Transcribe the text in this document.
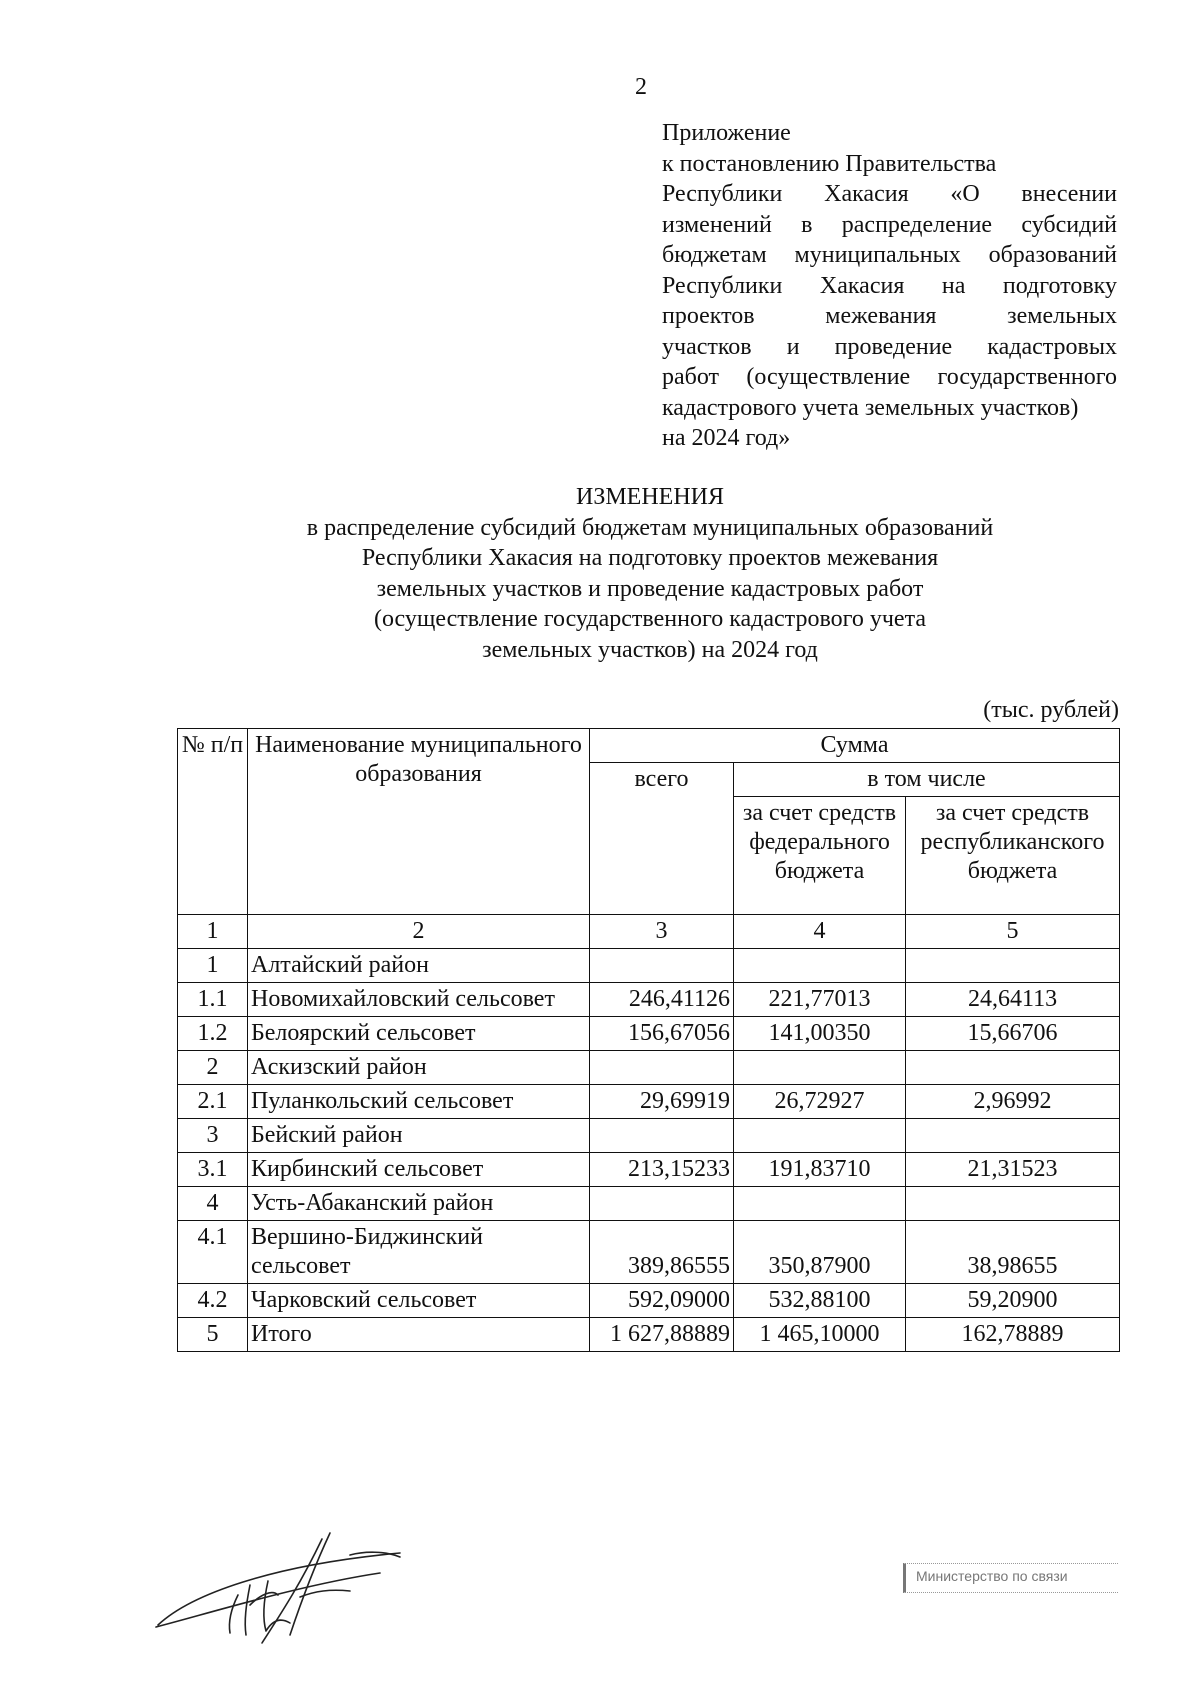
2
Приложение
к постановлению Правительства
Республики Хакасия «О внесении
изменений в распределение субсидий
бюджетам муниципальных образований
Республики Хакасия на подготовку
проектов межевания земельных
участков и проведение кадастровых
работ (осуществление государственного
кадастрового учета земельных участков)
на 2024 год»
ИЗМЕНЕНИЯ
в распределение субсидий бюджетам муниципальных образований
Республики Хакасия на подготовку проектов межевания
земельных участков и проведение кадастровых работ
(осуществление государственного кадастрового учета
земельных участков) на 2024 год
(тыс. рублей)
№ п/п	Наименование муниципального образования	Сумма		
		всего	в том числе	
			за счет средств федерального бюджета	за счет средств республиканского бюджета
1	2	3	4	5
1	Алтайский район			
1.1	Новомихайловский сельсовет	246,41126	221,77013	24,64113
1.2	Белоярский сельсовет	156,67056	141,00350	15,66706
2	Аскизский район			
2.1	Пуланкольский сельсовет	29,69919	26,72927	2,96992
3	Бейский район			
3.1	Кирбинский сельсовет	213,15233	191,83710	21,31523
4	Усть-Абаканский район			
4.1	Вершино-Биджинский сельсовет	389,86555	350,87900	38,98655
4.2	Чарковский сельсовет	592,09000	532,88100	59,20900
5	Итого	1 627,88889	1 465,10000	162,78889
Министерство по связи
